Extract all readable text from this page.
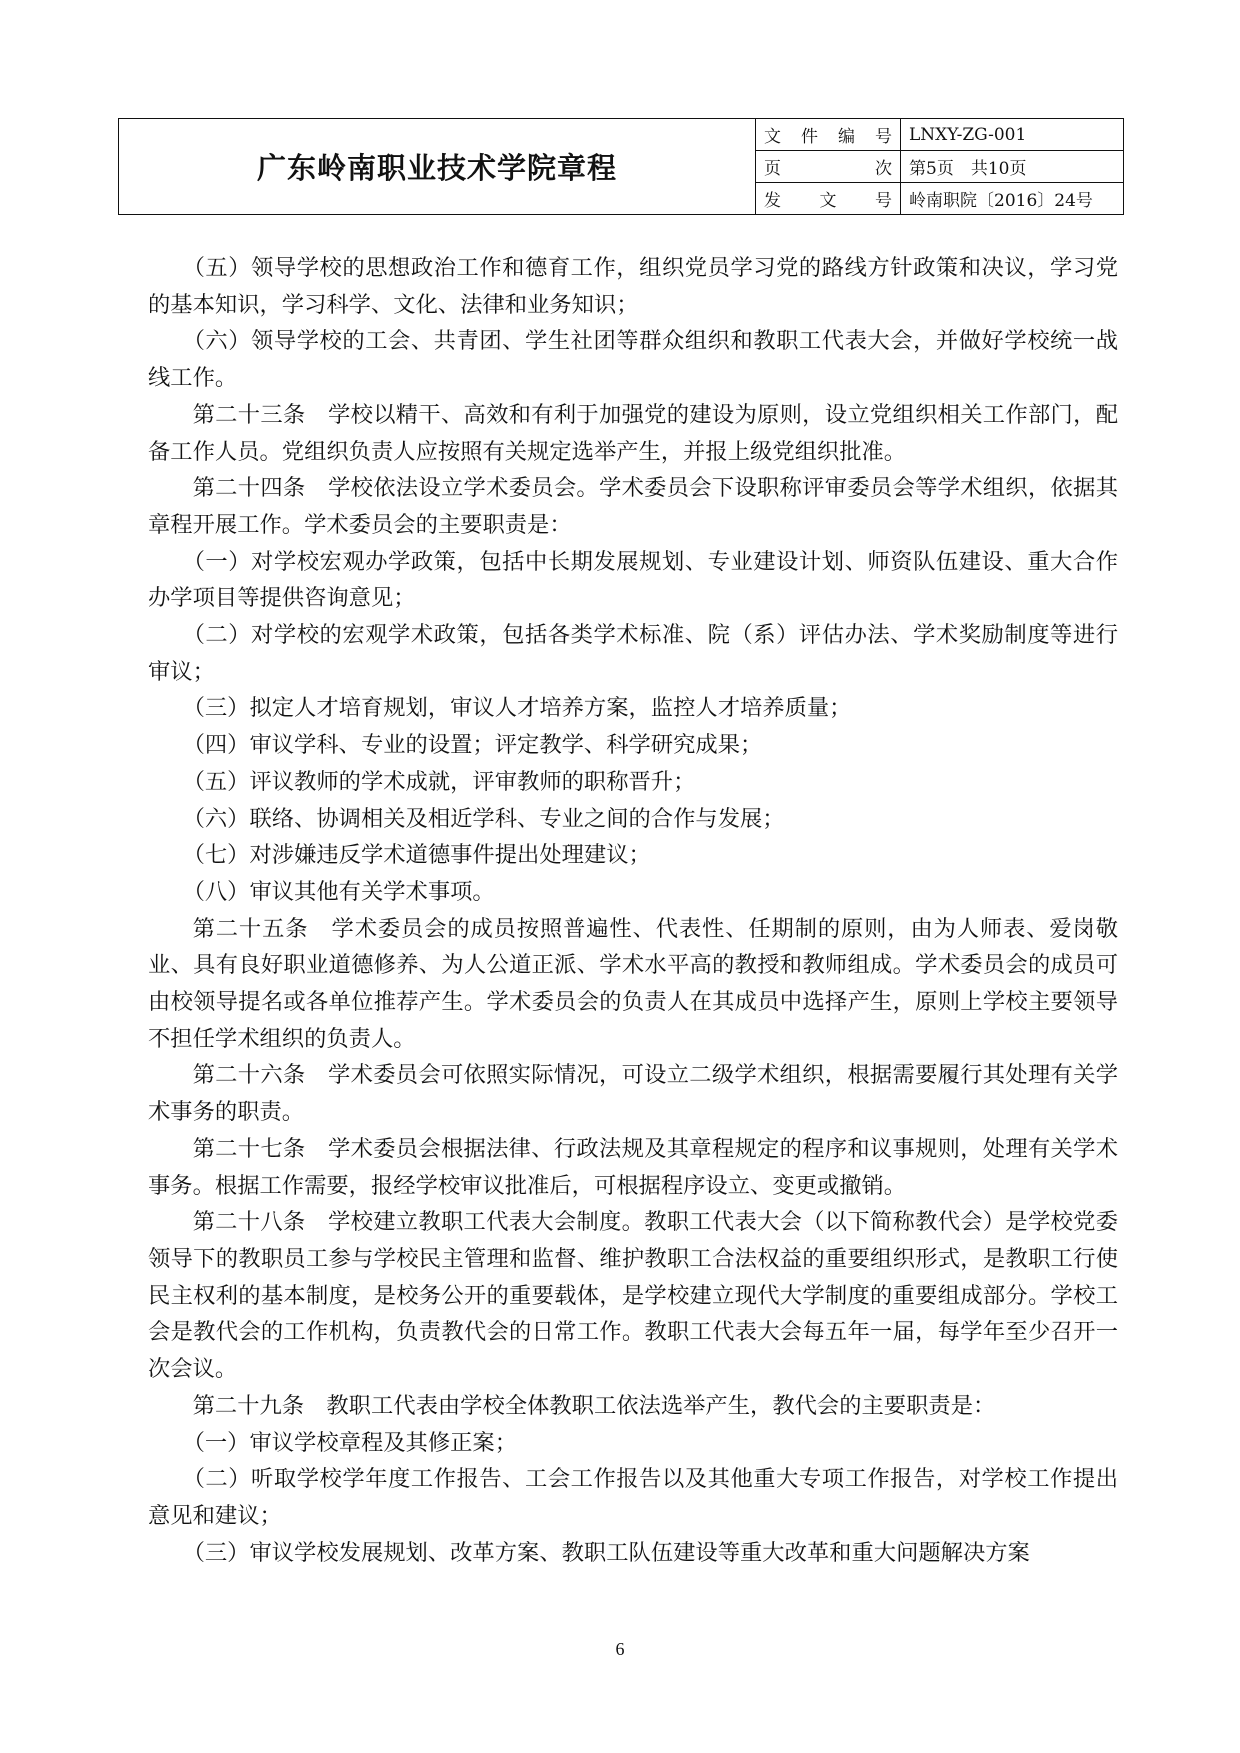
广东岭南职业技术学院章程	文件编号	LNXY-ZG-001
	页次	第5页　共10页
	发文号	岭南职院〔2016〕24号

（五）领导学校的思想政治工作和德育工作，组织党员学习党的路线方针政策和决议，学习党的基本知识，学习科学、文化、法律和业务知识；

（六）领导学校的工会、共青团、学生社团等群众组织和教职工代表大会，并做好学校统一战线工作。

第二十三条　学校以精干、高效和有利于加强党的建设为原则，设立党组织相关工作部门，配备工作人员。党组织负责人应按照有关规定选举产生，并报上级党组织批准。

第二十四条　学校依法设立学术委员会。学术委员会下设职称评审委员会等学术组织，依据其章程开展工作。学术委员会的主要职责是：

（一）对学校宏观办学政策，包括中长期发展规划、专业建设计划、师资队伍建设、重大合作办学项目等提供咨询意见；

（二）对学校的宏观学术政策，包括各类学术标准、院（系）评估办法、学术奖励制度等进行审议；

（三）拟定人才培育规划，审议人才培养方案，监控人才培养质量；

（四）审议学科、专业的设置；评定教学、科学研究成果；

（五）评议教师的学术成就，评审教师的职称晋升；

（六）联络、协调相关及相近学科、专业之间的合作与发展；

（七）对涉嫌违反学术道德事件提出处理建议；

（八）审议其他有关学术事项。

第二十五条　学术委员会的成员按照普遍性、代表性、任期制的原则，由为人师表、爱岗敬业、具有良好职业道德修养、为人公道正派、学术水平高的教授和教师组成。学术委员会的成员可由校领导提名或各单位推荐产生。学术委员会的负责人在其成员中选择产生，原则上学校主要领导不担任学术组织的负责人。

第二十六条　学术委员会可依照实际情况，可设立二级学术组织，根据需要履行其处理有关学术事务的职责。

第二十七条　学术委员会根据法律、行政法规及其章程规定的程序和议事规则，处理有关学术事务。根据工作需要，报经学校审议批准后，可根据程序设立、变更或撤销。

第二十八条　学校建立教职工代表大会制度。教职工代表大会（以下简称教代会）是学校党委领导下的教职员工参与学校民主管理和监督、维护教职工合法权益的重要组织形式，是教职工行使民主权利的基本制度，是校务公开的重要载体，是学校建立现代大学制度的重要组成部分。学校工会是教代会的工作机构，负责教代会的日常工作。教职工代表大会每五年一届，每学年至少召开一次会议。

第二十九条　教职工代表由学校全体教职工依法选举产生，教代会的主要职责是：

（一）审议学校章程及其修正案；

（二）听取学校学年度工作报告、工会工作报告以及其他重大专项工作报告，对学校工作提出意见和建议；

（三）审议学校发展规划、改革方案、教职工队伍建设等重大改革和重大问题解决方案

6
